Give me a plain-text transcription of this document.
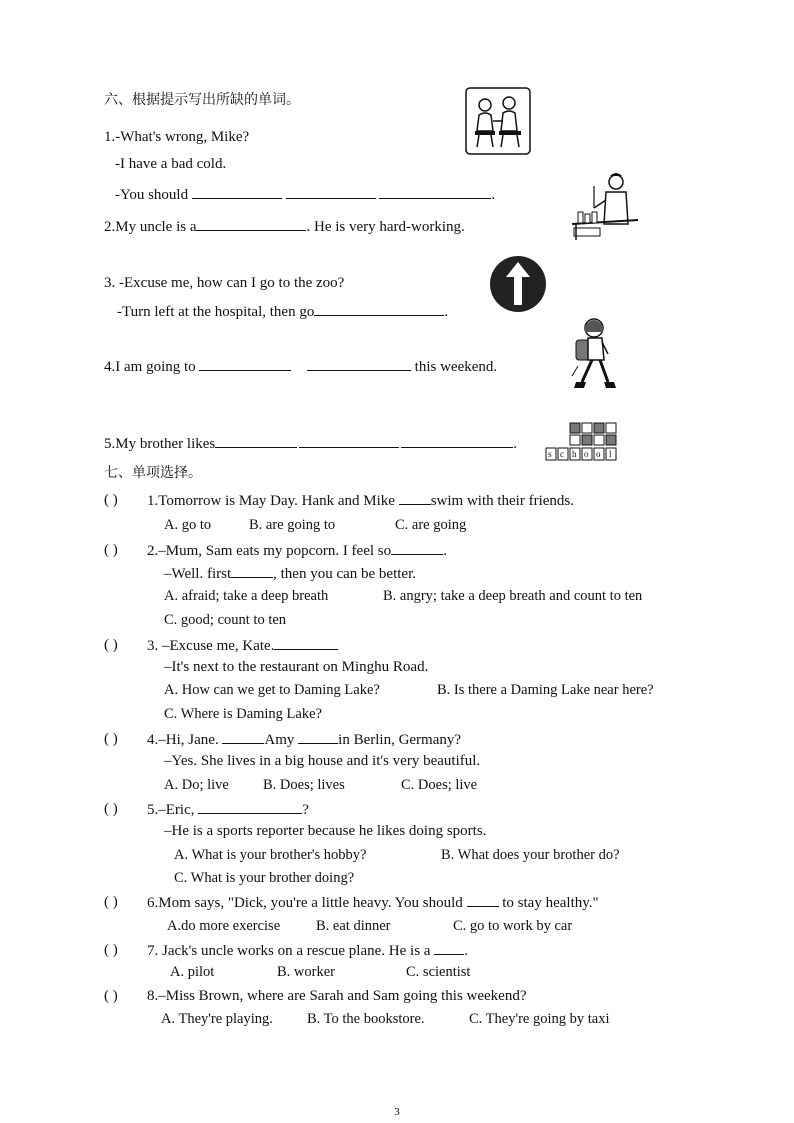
六、根据提示写出所缺的单词。
1.-What's wrong, Mike?
-I have a bad cold.
-You should	.
2.My uncle is a	. He is very hard-working.
3. -Excuse me, how can I go to the zoo?
-Turn left at the hospital, then go	.
4.I am going to	this weekend.
5.My brother likes	.
s c h o o l
七、单项选择。
( ) 1.Tomorrow is May Day. Hank and Mike swim with their friends.
A. go to	B. are going to	C. are going
( ) 2.–Mum, Sam eats my popcorn. I feel so	.
–Well. first	, then you can be better.
A. afraid; take a deep breath	B. angry; take a deep breath and count to ten
C. good; count to ten
( ) 3. –Excuse me, Kate.
–It's next to the restaurant on Minghu Road.
A. How can we get to Daming Lake?	B. Is there a Daming Lake near here?
C. Where is Daming Lake?
( ) 4.–Hi, Jane.	Amy	in Berlin, Germany?
–Yes. She lives in a big house and it's very beautiful.
A. Do; live B. Does; lives	C. Does; live
( ) 5.–Eric,	?
–He is a sports reporter because he likes doing sports.
A. What is your brother's hobby?	B. What does your brother do?
C. What is your brother doing?
( ) 6.Mom says, "Dick, you're a little heavy. You should	to stay healthy."
A.do more exercise B. eat dinner	C. go to work by car
( ) 7. Jack's uncle works on a rescue plane. He is a .
A. pilot	B. worker	C. scientist
( ) 8.–Miss Brown, where are Sarah and Sam going this weekend?
A. They're playing. B. To the bookstore.	C. They're going by taxi
3
